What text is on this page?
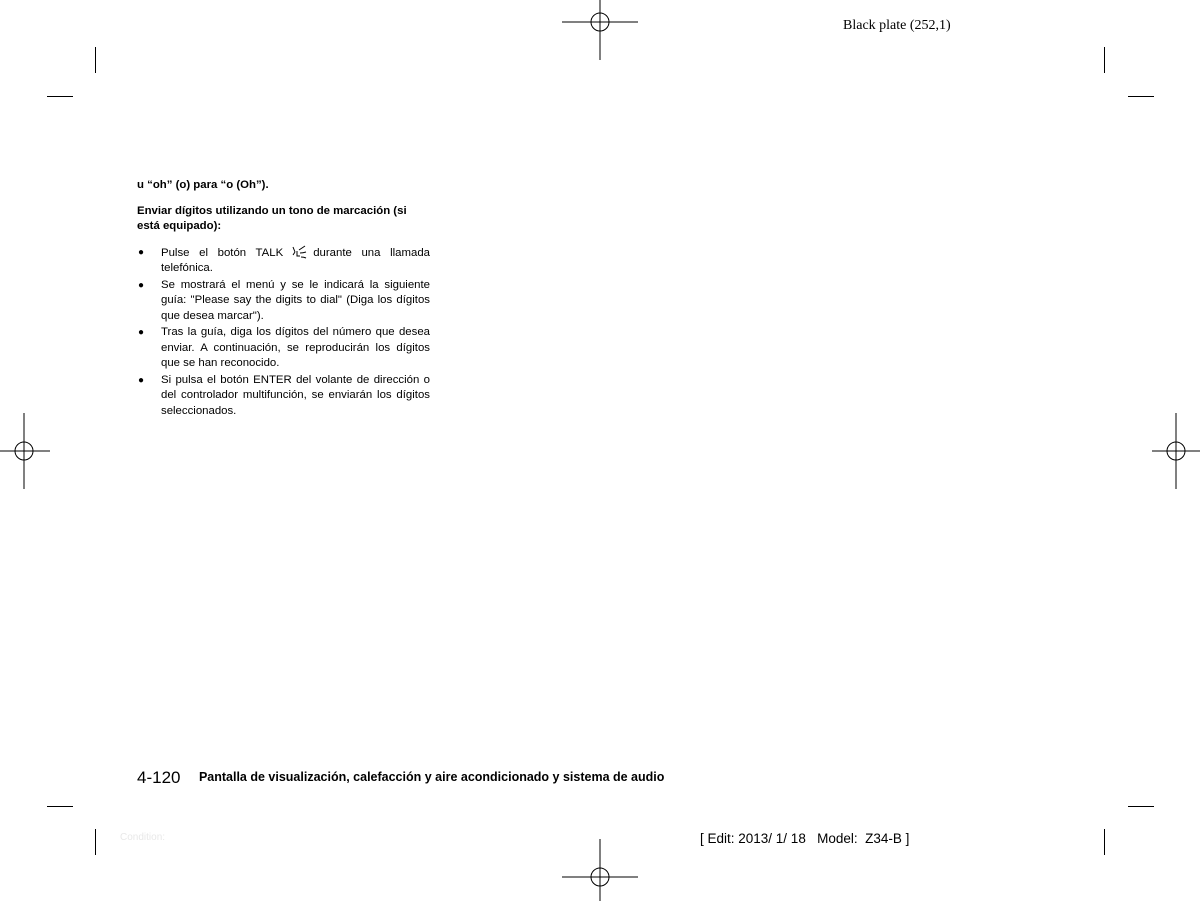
Black plate (252,1)

u “oh” (o) para “o (Oh”).

Enviar dígitos utilizando un tono de marcación (si está equipado):

● Pulse el botón TALK	durante una llamada telefónica.
● Se mostrará el menú y se le indicará la siguiente guía: "Please say the digits to dial" (Diga los dígitos que desea marcar").
● Tras la guía, diga los dígitos del número que desea enviar. A continuación, se reproducirán los dígitos que se han reconocido.
● Si pulsa el botón ENTER del volante de dirección o del controlador multifunción, se enviarán los dígitos seleccionados.
4-120 Pantalla de visualización, calefacción y aire acondicionado y sistema de audio
Condition:	[ Edit: 2013/ 1/ 18   Model:  Z34-B ]
